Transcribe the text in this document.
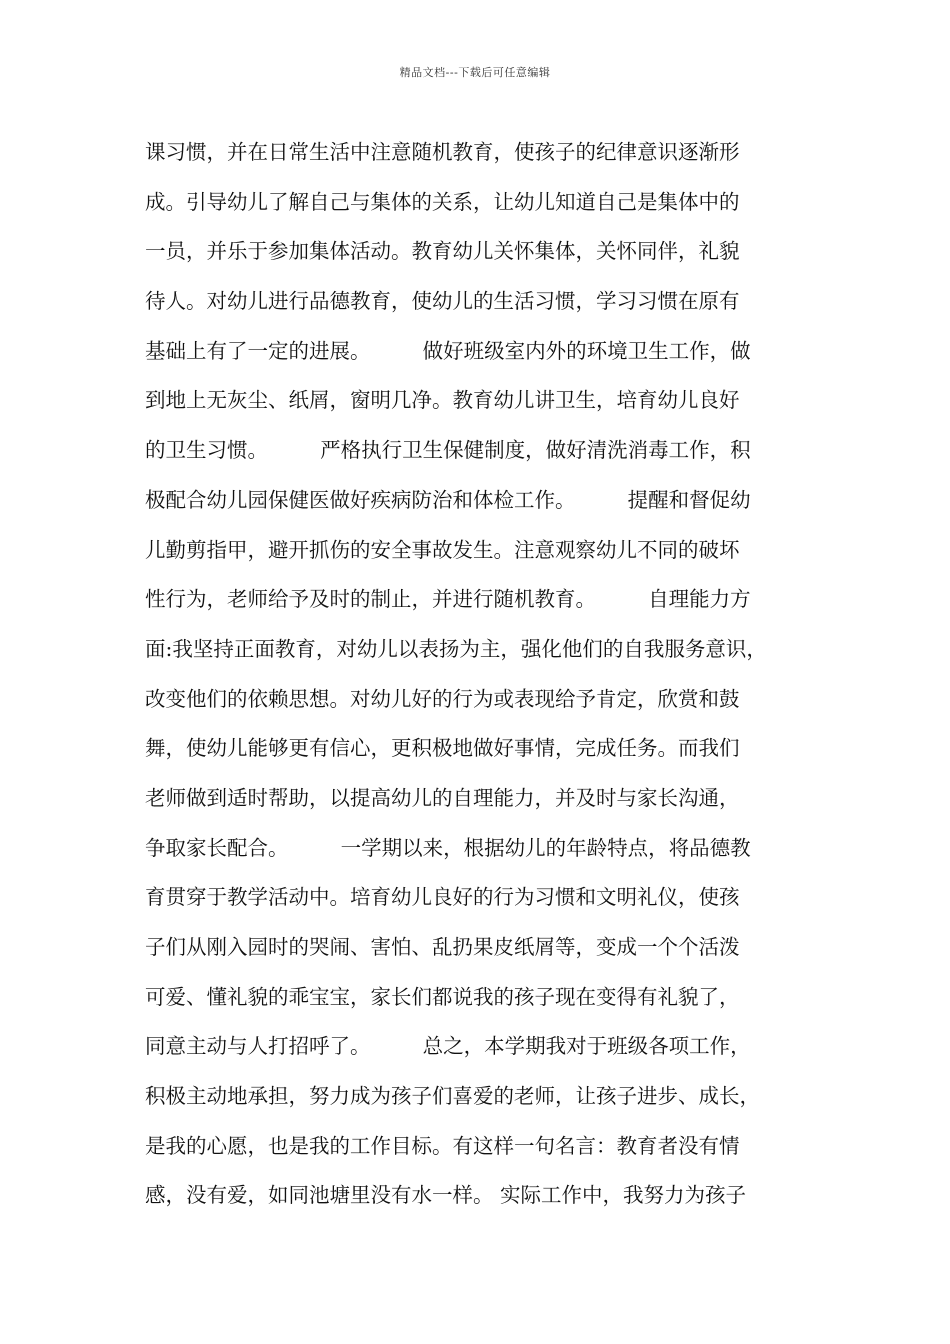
精品文档---下载后可任意编辑
课习惯，并在日常生活中注意随机教育，使孩子的纪律意识逐渐形
成。引导幼儿了解自己与集体的关系，让幼儿知道自己是集体中的
一员，并乐于参加集体活动。教育幼儿关怀集体，关怀同伴，礼貌
待人。对幼儿进行品德教育，使幼儿的生活习惯，学习习惯在原有
基础上有了一定的进展。        做好班级室内外的环境卫生工作，做
到地上无灰尘、纸屑，窗明几净。教育幼儿讲卫生，培育幼儿良好
的卫生习惯。        严格执行卫生保健制度，做好清洗消毒工作，积
极配合幼儿园保健医做好疾病防治和体检工作。        提醒和督促幼
儿勤剪指甲，避开抓伤的安全事故发生。注意观察幼儿不同的破坏
性行为，老师给予及时的制止，并进行随机教育。        自理能力方
面:我坚持正面教育，对幼儿以表扬为主，强化他们的自我服务意识，
改变他们的依赖思想。对幼儿好的行为或表现给予肯定，欣赏和鼓
舞，使幼儿能够更有信心，更积极地做好事情，完成任务。而我们
老师做到适时帮助，以提高幼儿的自理能力，并及时与家长沟通，
争取家长配合。        一学期以来，根据幼儿的年龄特点，将品德教
育贯穿于教学活动中。培育幼儿良好的行为习惯和文明礼仪，使孩
子们从刚入园时的哭闹、害怕、乱扔果皮纸屑等，变成一个个活泼
可爱、懂礼貌的乖宝宝，家长们都说我的孩子现在变得有礼貌了，
同意主动与人打招呼了。        总之，本学期我对于班级各项工作，
积极主动地承担，努力成为孩子们喜爱的老师，让孩子进步、成长，
是我的心愿，也是我的工作目标。有这样一句名言：教育者没有情
感，没有爱，如同池塘里没有水一样。 实际工作中，我努力为孩子
